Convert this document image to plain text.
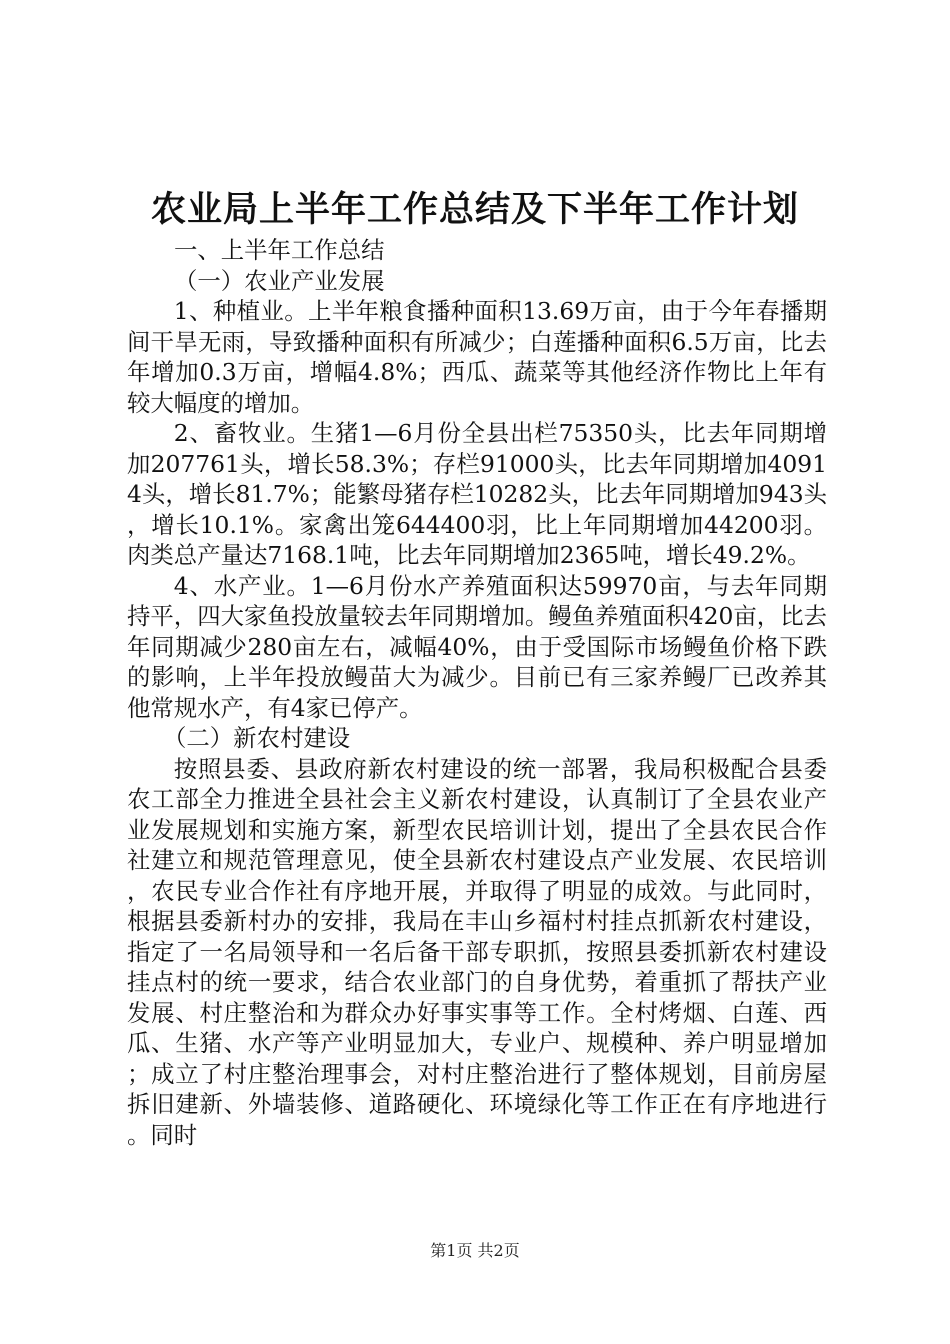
农业局上半年工作总结及下半年工作计划

一、上半年工作总结

（一）农业产业发展

1、种植业。上半年粮食播种面积13.69万亩，由于今年春播期间干旱无雨，导致播种面积有所减少；白莲播种面积6.5万亩，比去年增加0.3万亩，增幅4.8%；西瓜、蔬菜等其他经济作物比上年有较大幅度的增加。

2、畜牧业。生猪1—6月份全县出栏75350头，比去年同期增加207761头，增长58.3%；存栏91000头，比去年同期增加40914头，增长81.7%；能繁母猪存栏10282头，比去年同期增加943头，增长10.1%。家禽出笼644400羽，比上年同期增加44200羽。肉类总产量达7168.1吨，比去年同期增加2365吨，增长49.2%。

4、水产业。1—6月份水产养殖面积达59970亩，与去年同期持平，四大家鱼投放量较去年同期增加。鳗鱼养殖面积420亩，比去年同期减少280亩左右，减幅40%，由于受国际市场鳗鱼价格下跌的影响，上半年投放鳗苗大为减少。目前已有三家养鳗厂已改养其他常规水产，有4家已停产。

（二）新农村建设

按照县委、县政府新农村建设的统一部署，我局积极配合县委农工部全力推进全县社会主义新农村建设，认真制订了全县农业产业发展规划和实施方案，新型农民培训计划，提出了全县农民合作社建立和规范管理意见，使全县新农村建设点产业发展、农民培训，农民专业合作社有序地开展，并取得了明显的成效。与此同时，根据县委新村办的安排，我局在丰山乡福村村挂点抓新农村建设，指定了一名局领导和一名后备干部专职抓，按照县委抓新农村建设挂点村的统一要求，结合农业部门的自身优势，着重抓了帮扶产业发展、村庄整治和为群众办好事实事等工作。全村烤烟、白莲、西瓜、生猪、水产等产业明显加大，专业户、规模种、养户明显增加；成立了村庄整治理事会，对村庄整治进行了整体规划，目前房屋拆旧建新、外墙装修、道路硬化、环境绿化等工作正在有序地进行。同时

第1页 共2页
